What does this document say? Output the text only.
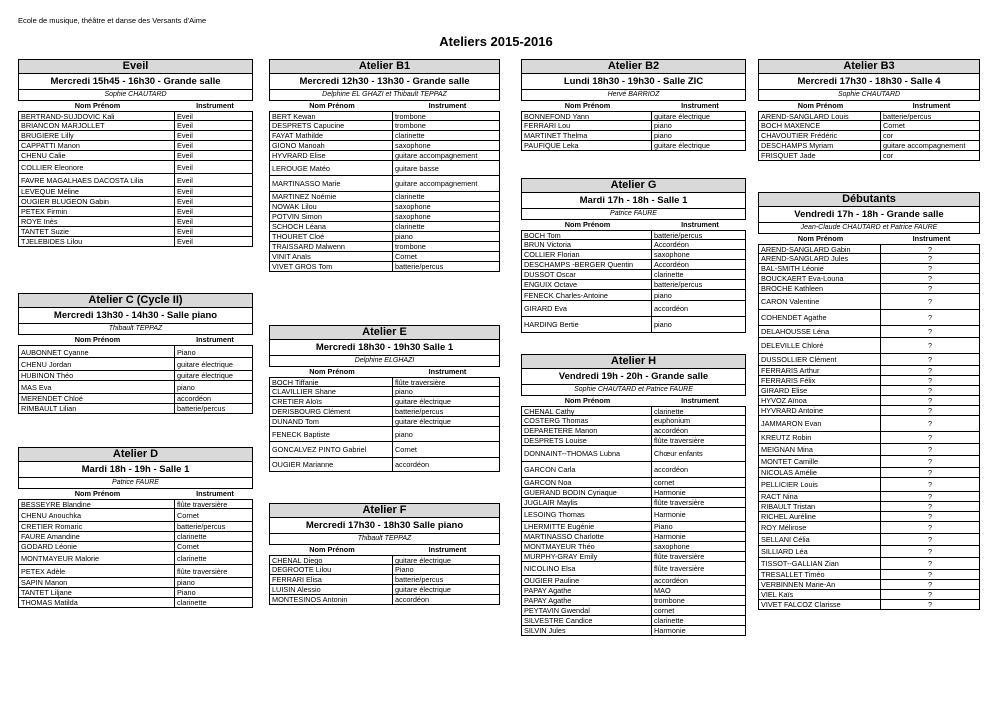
Ecole de musique, théâtre et danse des Versants d'Aime
Ateliers 2015-2016
Eveil
Mercredi 15h45 - 16h30 - Grande salle
Sophie CHAUTARD
Nom Prénom	Instrument
BERTRAND-SUJDOVIC Kali	Eveil
BRIANCON MARJOLLET	Eveil
BRUGIERE Lilly	Eveil
CAPPATTI Manon	Eveil
CHENU Calie	Eveil
COLLIER Eleonore	Eveil
FAVRE MAGALHAES DACOSTA Lilia	Eveil
LEVEQUE Méline	Eveil
OUGIER BLUGEON Gabin	Eveil
PETEX Firmin	Eveil
ROYE Inès	Eveil
TANTET Suzie	Eveil
TJELEBIDES Lilou	Eveil
Atelier C (Cycle II)
Mercredi 13h30 - 14h30 - Salle piano
Thibault TEPPAZ
Nom Prénom	Instrument
AUBONNET Cyanne	Piano
CHENU Jordan	guitare électrique
HUBINON Théo	guitare électrique
MAS Eva	piano
MERENDET Chloé	accordéon
RIMBAULT Lilian	batterie/percus
Atelier D
Mardi 18h - 19h - Salle 1
Patrice FAURE
Nom Prénom	Instrument
BESSEYRE Blandine	flûte traversière
CHENU Anouchka	Cornet
CRETIER Romaric	batterie/percus
FAURE Amandine	clarinette
GODARD Léonie	Cornet
MONTMAYEUR Malorie	clarinette
PETEX Adèle	flûte traversière
SAPIN Manon	piano
TANTET Liljane	Piano
THOMAS Matilda	clarinette
Atelier B1
Mercredi 12h30 - 13h30 - Grande salle
Delphine EL GHAZI et Thibault TEPPAZ
Nom Prénom	Instrument
BERT Kewan	trombone
DESPRETS Capucine	trombone
FAYAT Mathilde	clarinette
GIONO Manoah	saxophone
HYVRARD Elise	guitare accompagnement
LEROUGE Matéo	guitare basse
MARTINASSO Marie	guitare accompagnement
MARTINEZ Noémie	clarinette
NOWAK Lilou	saxophone
POTVIN Simon	saxophone
SCHOCH Léana	clarinette
THOURET Cloé	piano
TRAISSARD Malwenn	trombone
VINIT Anaïs	Cornet
VIVET GROS Tom	batterie/percus
Atelier E
Mercredi 18h30 - 19h30 Salle 1
Delphine ELGHAZI
Nom Prénom	Instrument
BOCH Tiffanie	flûte traversière
CLAVILLIER Shane	piano
CRETIER Aloïs	guitare électrique
DERISBOURG Clément	batterie/percus
DUNAND Tom	guitare électrique
FENECK Baptiste	piano
GONCALVEZ PINTO Gabriel	Cornet
OUGIER Marianne	accordéon
Atelier F
Mercredi 17h30 - 18h30 Salle piano
Thibault TEPPAZ
Nom Prénom	Instrument
CHENAL Diego	guitare électrique
DEGROOTE Lilou	Piano
FERRARI Elisa	batterie/percus
LUISIN Alessio	guitare électrique
MONTESINOS Antonin	accordéon
Atelier B2
Lundi 18h30 - 19h30 - Salle ZIC
Hervé BARRIOZ
Nom Prénom	Instrument
BONNEFOND Yann	guitare électrique
FERRARI Lou	piano
MARTINET Thelma	piano
PAUFIQUE Leka	guitare électrique
Atelier G
Mardi 17h - 18h - Salle 1
Patrice FAURE
Nom Prénom	Instrument
BOCH Tom	batterie/percus
BRUN Victoria	Accordéon
COLLIER Florian	saxophone
DESCHAMPS -BERGER Quentin	Accordéon
DUSSOT Oscar	clarinette
ENGUIX Octave	batterie/percus
FENECK Charles-Antoine	piano
GIRARD Eva	accordéon
HARDING Bertie	piano
Atelier H
Vendredi 19h - 20h - Grande salle
Sophie CHAUTARD et Patrice FAURE
Nom Prénom	Instrument
CHENAL Cathy	clarinette
COSTERG Thomas	euphonium
DEPARETERE Manon	accordéon
DESPRETS Louise	flûte traversière
DONNAINT--THOMAS Lubna	Chœur enfants
GARCON Carla	accordéon
GARCON Noa	cornet
GUERAND BODIN Cyriaque	Harmonie
JUGLAIR Maylis	flûte traversière
LESOING Thomas	Harmonie
LHERMITTE Eugénie	Piano
MARTINASSO Charlotte	Harmonie
MONTMAYEUR Théo	saxophone
MURPHY-GRAY Emily	flûte traversière
NICOLINO Elsa	flûte traversière
OUGIER Pauline	accordéon
PAPAY Agathe	MAO
PAPAY Agathe	trombone
PEYTAVIN Gwendal	cornet
SILVESTRE Candice	clarinette
SILVIN Jules	Harmonie
Atelier B3
Mercredi 17h30 - 18h30 - Salle 4
Sophie CHAUTARD
Nom Prénom	Instrument
AREND-SANGLARD Louis	batterie/percus
BOCH MAXENCE	Cornet
CHAVOUTIER Frédéric	cor
DESCHAMPS Myriam	guitare accompagnement
FRISQUET Jade	cor
Débutants
Vendredi 17h - 18h - Grande salle
Jean-Claude CHAUTARD et Patrice FAURE
Nom Prénom	Instrument
AREND-SANGLARD Gabin	?
AREND-SANGLARD Jules	?
BAL-SMITH Léonie	?
BOUCKAERT Eva-Louna	?
BROCHE Kathleen	?
CARON Valentine	?
COHENDET Agathe	?
DELAHOUSSE Léna	?
DELEVILLE Chloré	?
DUSSOLLIER Clément	?
FERRARIS Arthur	?
FERRARIS Félix	?
GIRARD Elise	?
HYVOZ Aïnoa	?
HYVRARD Antoine	?
JAMMARON Evan	?
KREUTZ Robin	?
MEIGNAN Mina	?
MONTET Camille	?
NICOLAS Amélie	?
PELLICIER Louis	?
RACT Nina	?
RIBAULT Tristan	?
RICHEL Auréline	?
ROY Mélirose	?
SELLANI Célia	?
SILLIARD Léa	?
TISSOT--GALLIAN Zian	?
TRESALLET Timéo	?
VERBINNEN Marie-An	?
VIEL Kaïs	?
VIVET FALCOZ Clarisse	?
